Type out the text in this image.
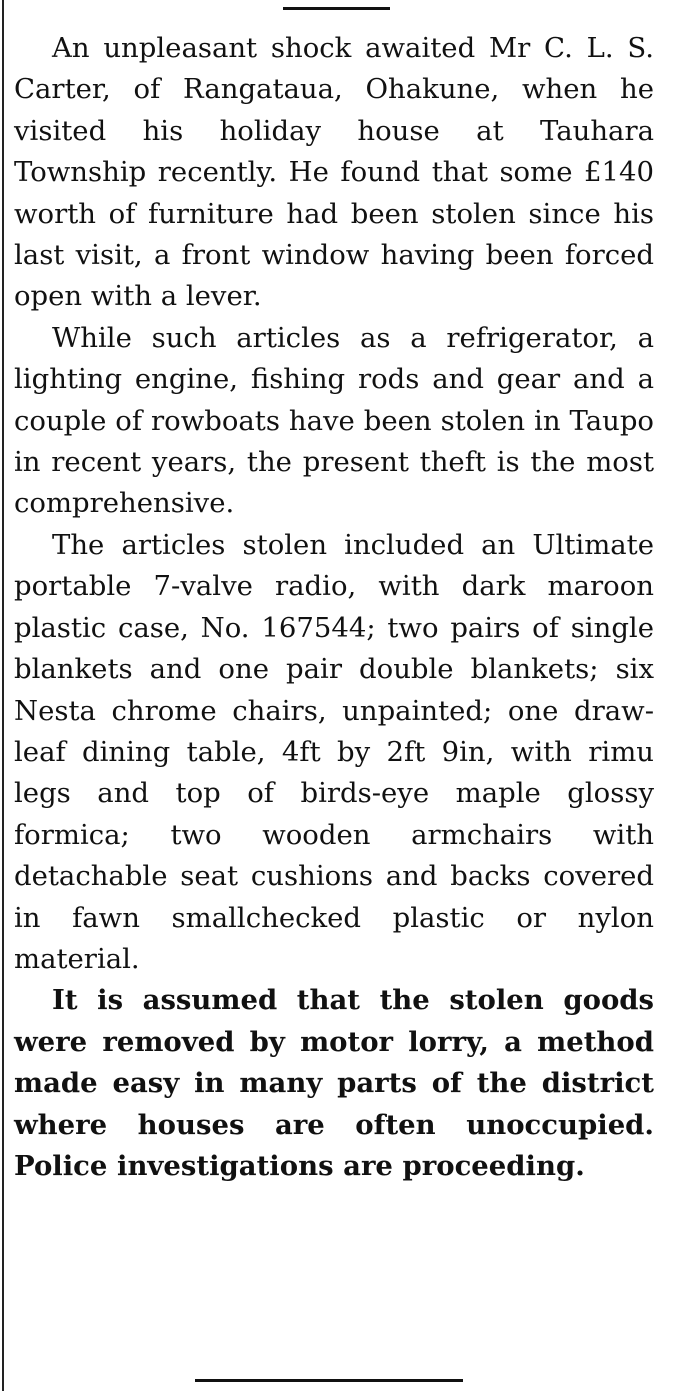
An unpleasant shock awaited Mr C. L. S. Carter, of Rangataua, Ohakune, when he visited his holiday house at Tauhara Township recently. He found that some £140 worth of furniture had been stolen since his last visit, a front window having been forced open with a lever.

While such articles as a refrigerator, a lighting engine, fishing rods and gear and a couple of rowboats have been stolen in Taupo in recent years, the present theft is the most comprehensive.

The articles stolen included an Ultimate portable 7-valve radio, with dark maroon plastic case, No. 167544; two pairs of single blankets and one pair double blankets; six Nesta chrome chairs, unpainted; one drawleaf dining table, 4ft by 2ft 9in, with rimu legs and top of birds-eye maple glossy formica; two wooden armchairs with detachable seat cushions and backs covered in fawn smallchecked plastic or nylon material.

It is assumed that the stolen goods were removed by motor lorry, a method made easy in many parts of the district where houses are often unoccupied. Police investigations are proceeding.
